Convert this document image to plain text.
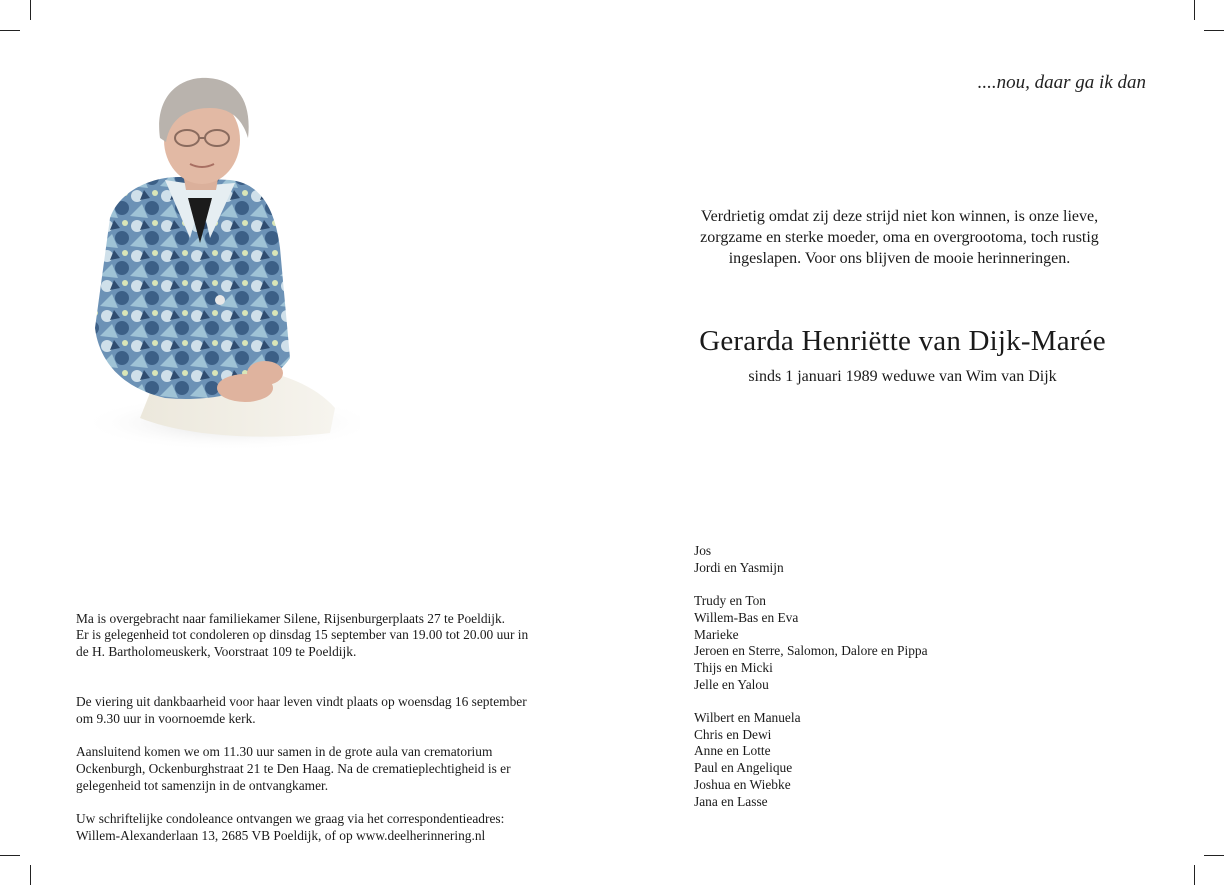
....nou, daar ga ik dan
Verdrietig omdat zij deze strijd niet kon winnen, is onze lieve,
zorgzame en sterke moeder, oma en overgrootoma, toch rustig
ingeslapen. Voor ons blijven de mooie herinneringen.
Gerarda Henriëtte van Dijk-Marée
sinds 1 januari 1989 weduwe van Wim van Dijk

Ma is overgebracht naar familiekamer Silene, Rijsenburgerplaats 27 te Poeldijk.
Er is gelegenheid tot condoleren op dinsdag 15 september van 19.00 tot 20.00 uur in
de H. Bartholomeuskerk, Voorstraat 109 te Poeldijk.

De viering uit dankbaarheid voor haar leven vindt plaats op woensdag 16 september
om 9.30 uur in voornoemde kerk.
Aansluitend komen we om 11.30 uur samen in de grote aula van crematorium
Ockenburgh, Ockenburghstraat 21 te Den Haag. Na de crematieplechtigheid is er
gelegenheid tot samenzijn in de ontvangkamer.
Uw schriftelijke condoleance ontvangen we graag via het correspondentieadres:
Willem-Alexanderlaan 13, 2685 VB Poeldijk, of op www.deelherinnering.nl
Jos
Jordi en Yasmijn
Trudy en Ton
Willem-Bas en Eva
Marieke
Jeroen en Sterre, Salomon, Dalore en Pippa
Thijs en Micki
Jelle en Yalou
Wilbert en Manuela
Chris en Dewi
Anne en Lotte
Paul en Angelique
Joshua en Wiebke
Jana en Lasse
